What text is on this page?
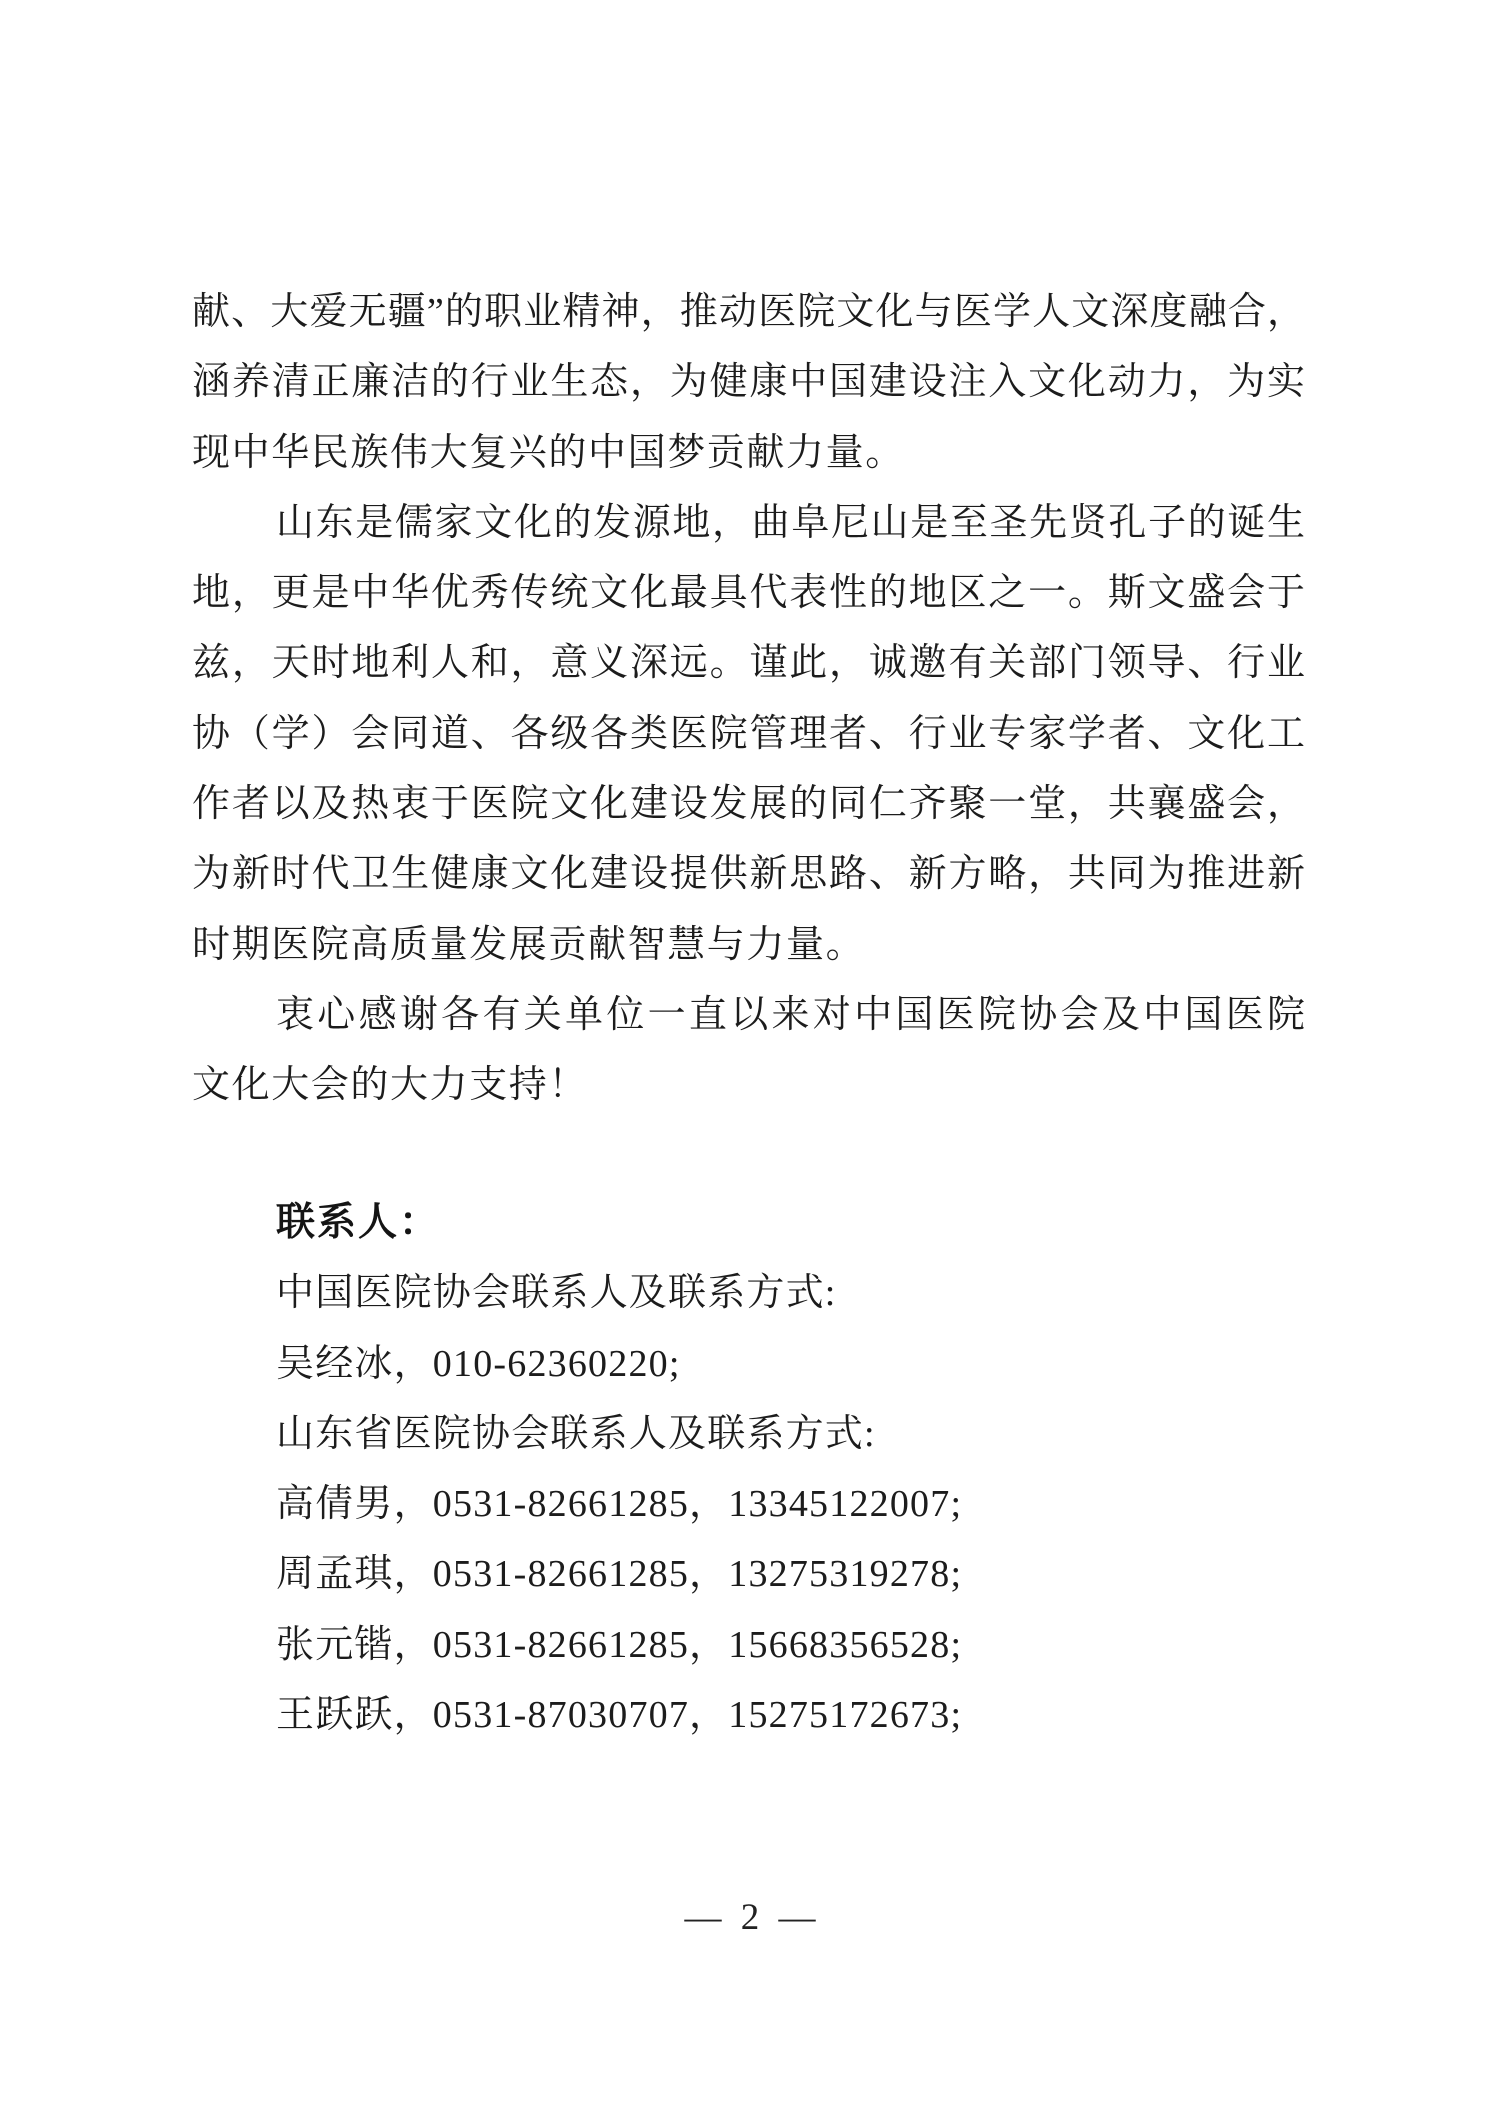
献、大爱无疆”的职业精神，推动医院文化与医学人文深度融合，
涵养清正廉洁的行业生态，为健康中国建设注入文化动力，为实
现中华民族伟大复兴的中国梦贡献力量。
山东是儒家文化的发源地，曲阜尼山是至圣先贤孔子的诞生
地，更是中华优秀传统文化最具代表性的地区之一。斯文盛会于
兹，天时地利人和，意义深远。谨此，诚邀有关部门领导、行业
协（学）会同道、各级各类医院管理者、行业专家学者、文化工
作者以及热衷于医院文化建设发展的同仁齐聚一堂，共襄盛会，
为新时代卫生健康文化建设提供新思路、新方略，共同为推进新
时期医院高质量发展贡献智慧与力量。
衷心感谢各有关单位一直以来对中国医院协会及中国医院
文化大会的大力支持！
联系人：
中国医院协会联系人及联系方式:
吴经冰，010-62360220;
山东省医院协会联系人及联系方式:
高倩男，0531-82661285，13345122007;
周孟琪，0531-82661285，13275319278;
张元锴，0531-82661285，15668356528;
王跃跃，0531-87030707，15275172673;
— 2 —
